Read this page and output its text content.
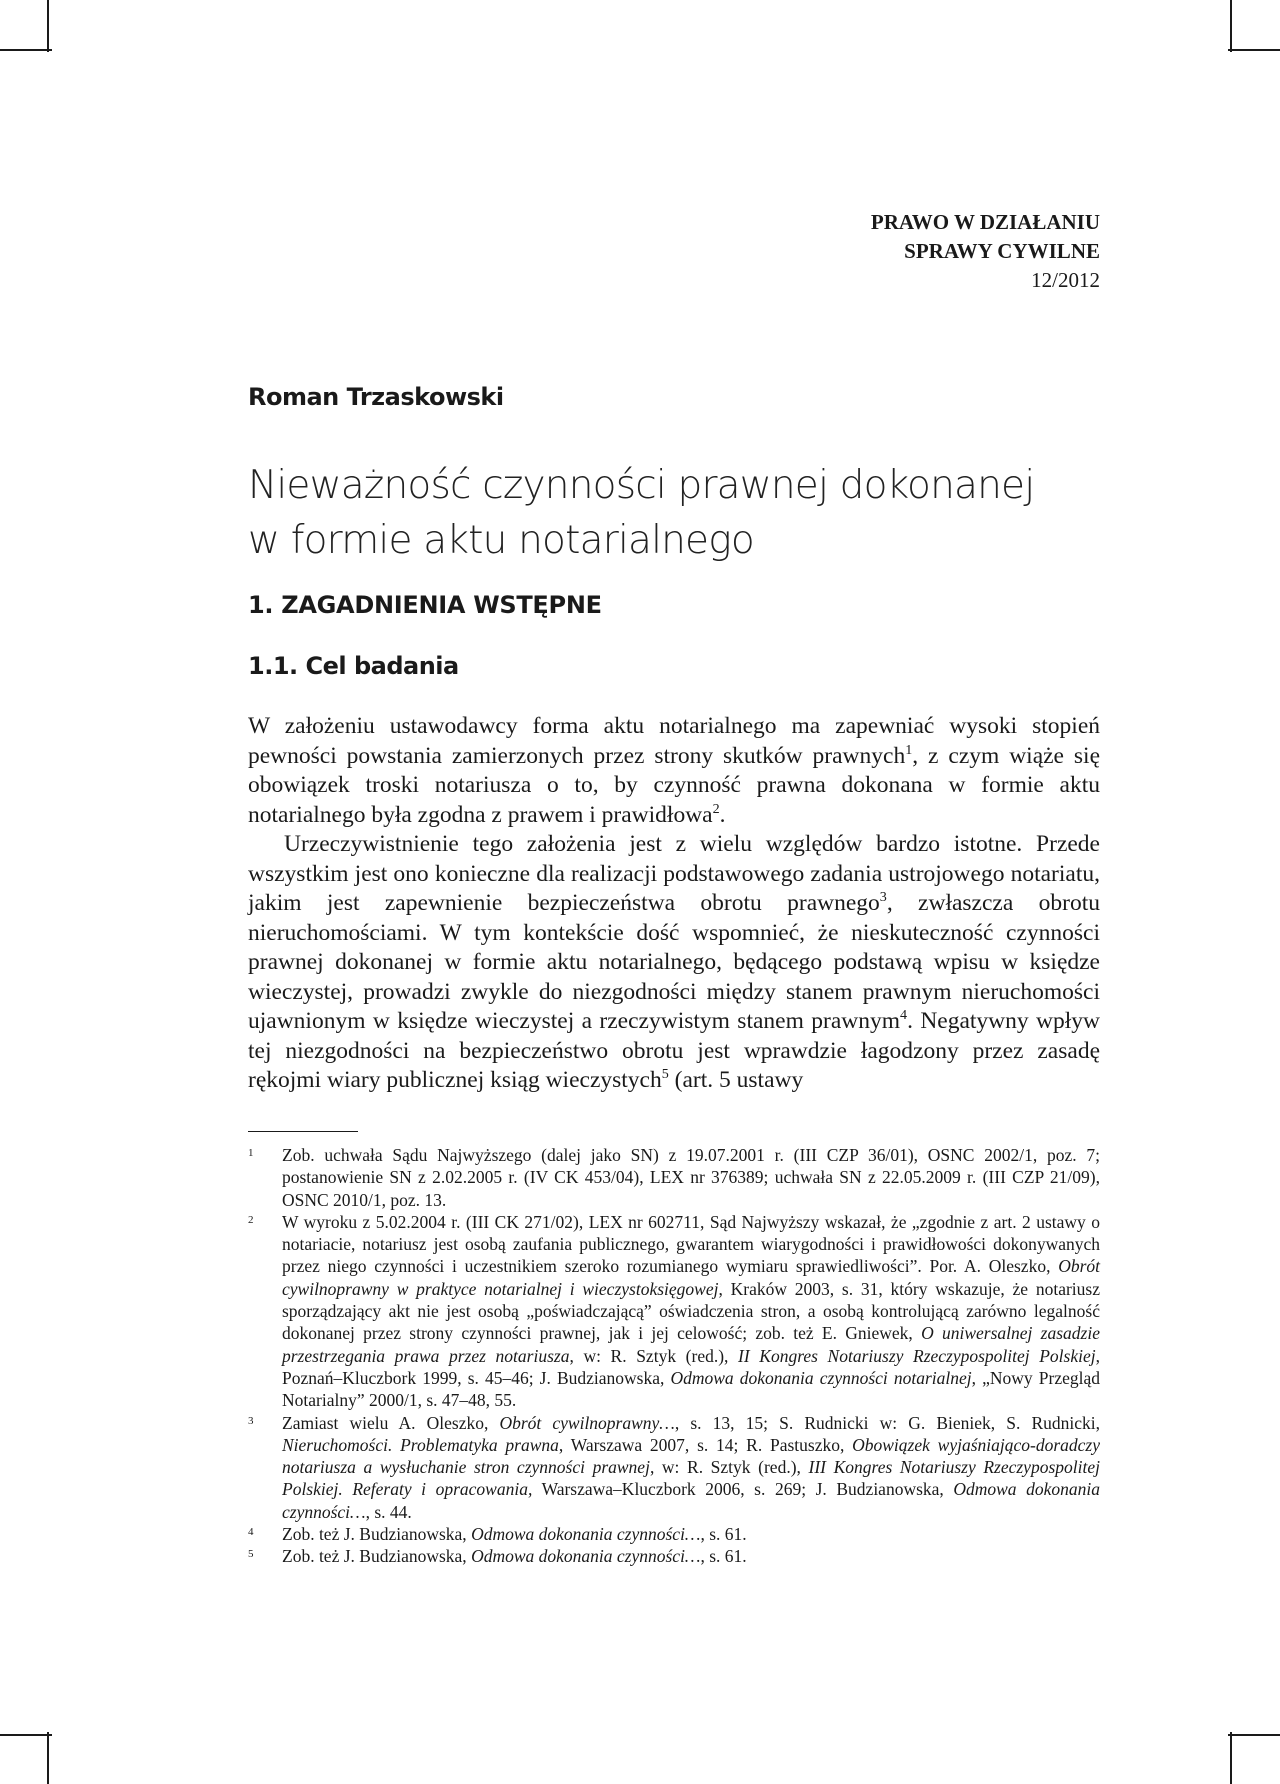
PRAWO W DZIAŁANIU
SPRAWY CYWILNE
12/2012
Roman Trzaskowski
Nieważność czynności prawnej dokonanej
w formie aktu notarialnego
1. ZAGADNIENIA WSTĘPNE
1.1. Cel badania

W założeniu ustawodawcy forma aktu notarialnego ma zapewniać wysoki stopień pewności powstania zamierzonych przez strony skutków prawnych$^1$, z czym wiąże się obowiązek troski notariusza o to, by czynność prawna dokonana w formie aktu notarialnego była zgodna z prawem i prawidłowa$^2$.

Urzeczywistnienie tego założenia jest z wielu względów bardzo istotne. Przede wszystkim jest ono konieczne dla realizacji podstawowego zadania ustrojowego notariatu, jakim jest zapewnienie bezpieczeństwa obrotu prawnego$^3$, zwłaszcza obrotu nieruchomościami. W tym kontekście dość wspomnieć, że nieskuteczność czynności prawnej dokonanej w formie aktu notarialnego, będącego podstawą wpisu w księdze wieczystej, prowadzi zwykle do niezgodności między stanem prawnym nieruchomości ujawnionym w księdze wieczystej a rzeczywistym stanem prawnym$^4$. Negatywny wpływ tej niezgodności na bezpieczeństwo obrotu jest wprawdzie łagodzony przez zasadę rękojmi wiary publicznej ksiąg wieczystych$^5$ (art. 5 ustawy

1 Zob. uchwała Sądu Najwyższego (dalej jako SN) z 19.07.2001 r. (III CZP 36/01), OSNC 2002/1, poz. 7; postanowienie SN z 2.02.2005 r. (IV CK 453/04), LEX nr 376389; uchwała SN z 22.05.2009 r. (III CZP 21/09), OSNC 2010/1, poz. 13.
2 W wyroku z 5.02.2004 r. (III CK 271/02), LEX nr 602711, Sąd Najwyższy wskazał, że „zgodnie z art. 2 ustawy o notariacie, notariusz jest osobą zaufania publicznego, gwarantem wiarygodności i prawidłowości dokonywanych przez niego czynności i uczestnikiem szeroko rozumianego wymiaru sprawiedliwości”. Por. A. Oleszko, Obrót cywilnoprawny w praktyce notarialnej i wieczystoksięgowej, Kraków 2003, s. 31, który wskazuje, że notariusz sporządzający akt nie jest osobą „poświadczającą” oświadczenia stron, a osobą kontrolującą zarówno legalność dokonanej przez strony czynności prawnej, jak i jej celowość; zob. też E. Gniewek, O uniwersalnej zasadzie przestrzegania prawa przez notariusza, w: R. Sztyk (red.), II Kongres Notariuszy Rzeczypospolitej Polskiej, Poznań–Kluczbork 1999, s. 45–46; J. Budzianowska, Odmowa dokonania czynności notarialnej, „Nowy Przegląd Notarialny” 2000/1, s. 47–48, 55.
3 Zamiast wielu A. Oleszko, Obrót cywilnoprawny…, s. 13, 15; S. Rudnicki w: G. Bieniek, S. Rudnicki, Nieruchomości. Problematyka prawna, Warszawa 2007, s. 14; R. Pastuszko, Obowiązek wyjaśniająco-doradczy notariusza a wysłuchanie stron czynności prawnej, w: R. Sztyk (red.), III Kongres Notariuszy Rzeczypospolitej Polskiej. Referaty i opracowania, Warszawa–Kluczbork 2006, s. 269; J. Budzianowska, Odmowa dokonania czynności…, s. 44.
4 Zob. też J. Budzianowska, Odmowa dokonania czynności…, s. 61.
5 Zob. też J. Budzianowska, Odmowa dokonania czynności…, s. 61.
